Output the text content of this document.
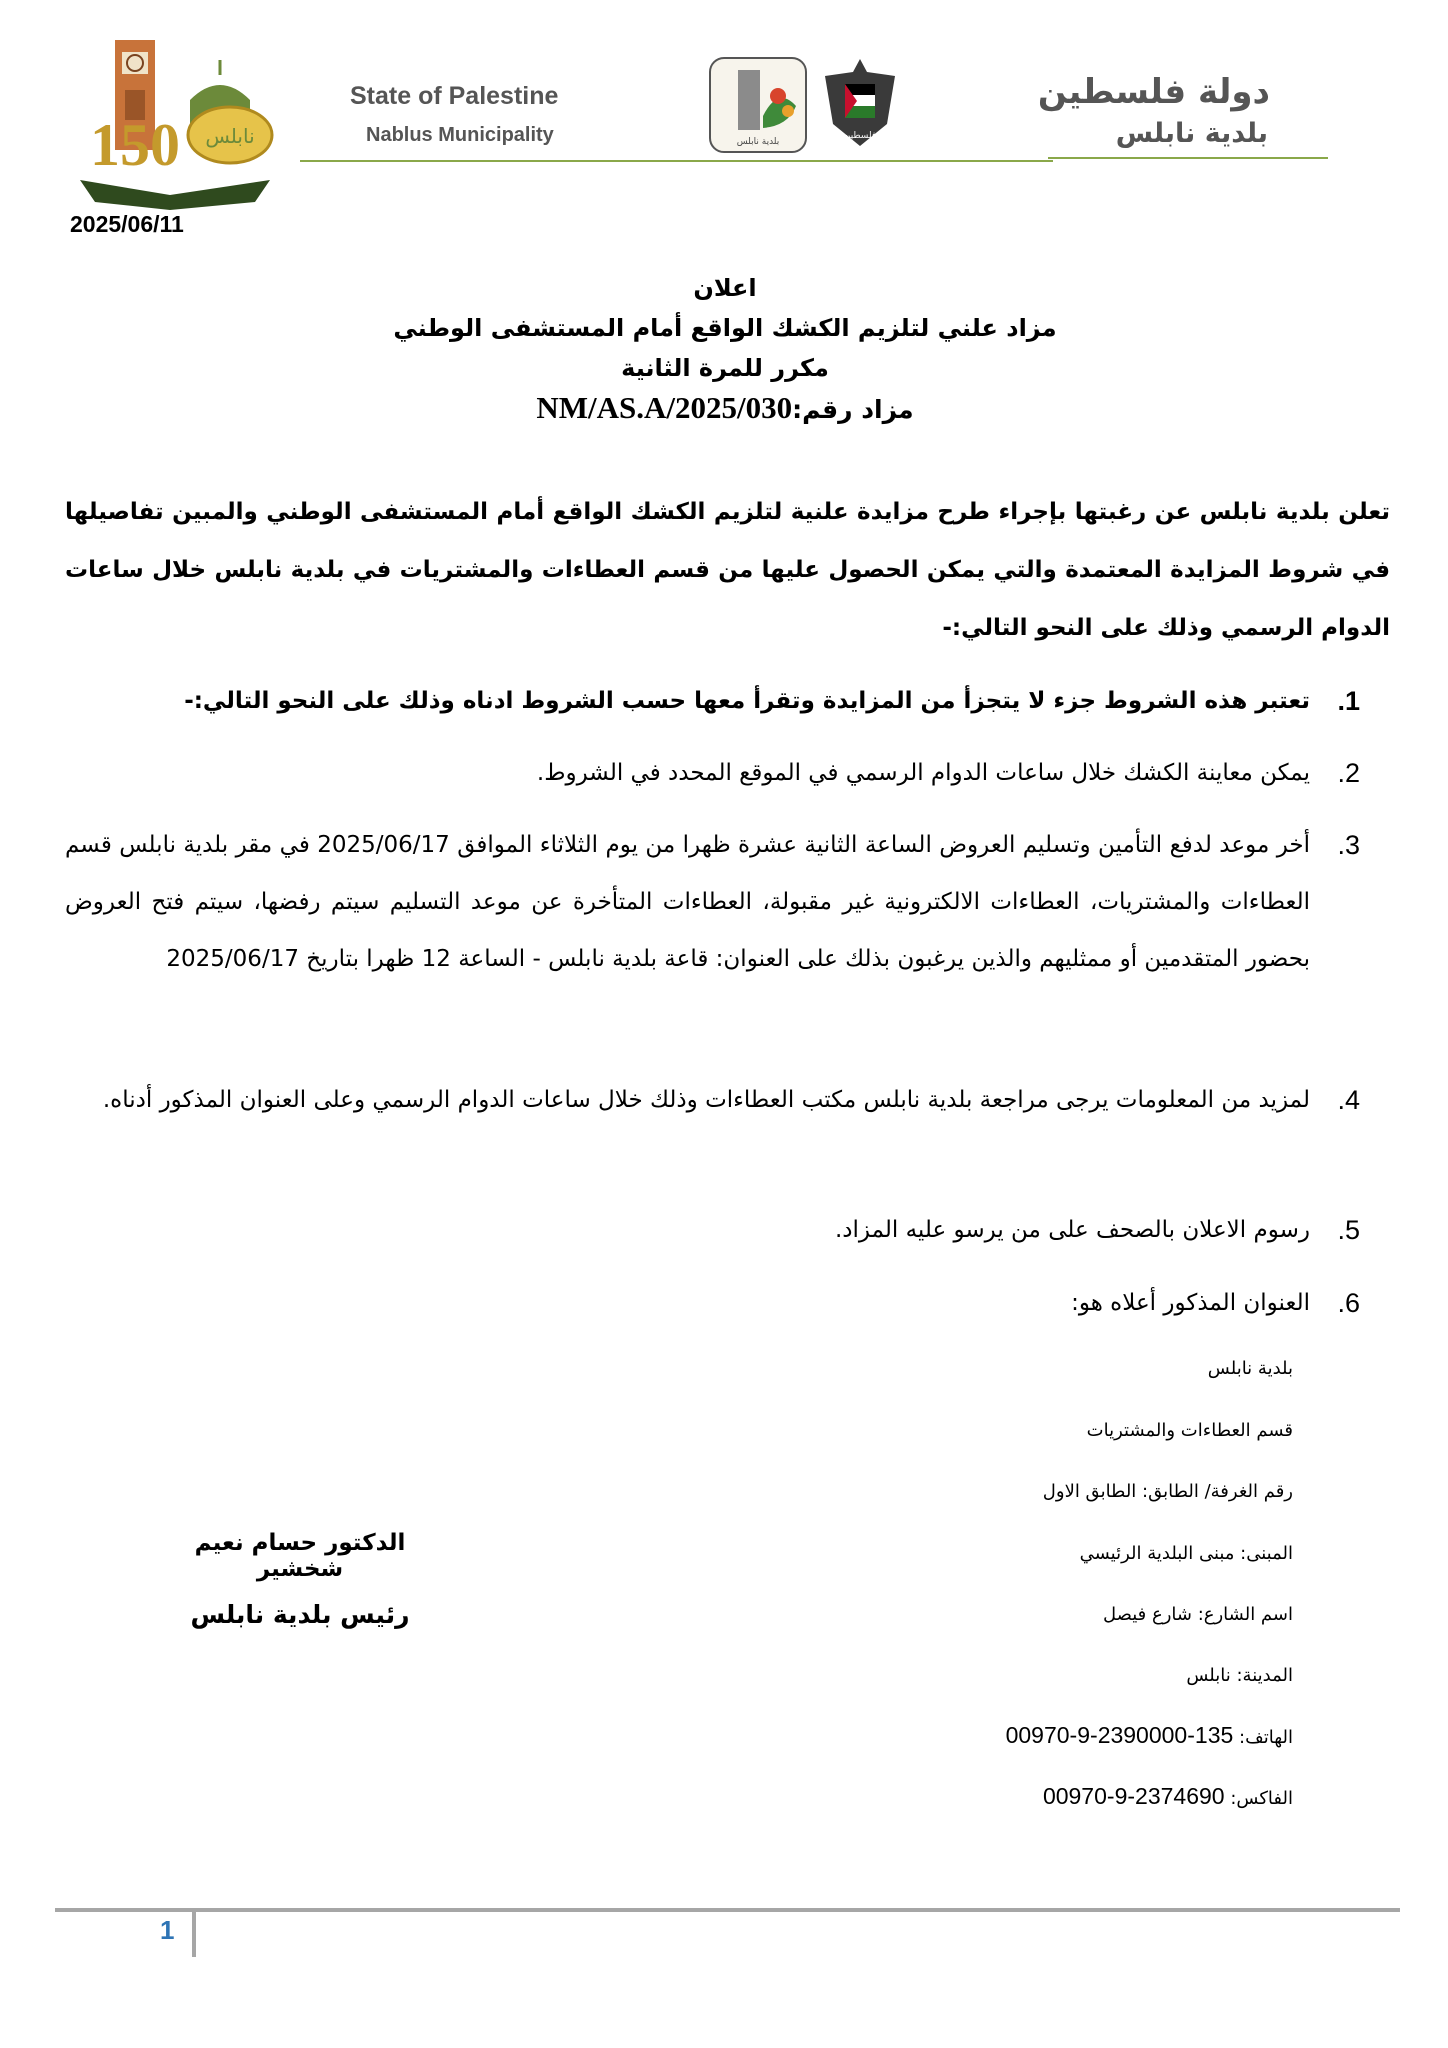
150 نابلس
State of Palestine
Nablus Municipality	بلدية نابلس
فلسطين
دولة فلسطين
بلدية نابلس
2025/06/11
اعلان
مزاد علني لتلزيم الكشك الواقع أمام المستشفى الوطني
مكرر للمرة الثانية
مزاد رقم:NM/AS.A/2025/030
تعلن بلدية نابلس عن رغبتها بإجراء طرح مزايدة علنية لتلزيم الكشك الواقع أمام المستشفى الوطني والمبين تفاصيلها في شروط المزايدة المعتمدة والتي يمكن الحصول عليها من قسم العطاءات والمشتريات في بلدية نابلس خلال ساعات الدوام الرسمي وذلك على النحو التالي:-
1.
تعتبر هذه الشروط جزء لا يتجزأ من المزايدة وتقرأ معها حسب الشروط ادناه وذلك على النحو التالي:-
2.
يمكن معاينة الكشك خلال ساعات الدوام الرسمي في الموقع المحدد في الشروط.
3.
أخر موعد لدفع التأمين وتسليم العروض الساعة الثانية عشرة ظهرا من يوم الثلاثاء الموافق 2025/06/17 في مقر بلدية نابلس قسم العطاءات والمشتريات، العطاءات الالكترونية غير مقبولة، العطاءات المتأخرة عن موعد التسليم سيتم رفضها، سيتم فتح العروض بحضور المتقدمين أو ممثليهم والذين يرغبون بذلك على العنوان: قاعة بلدية نابلس - الساعة 12 ظهرا بتاريخ 2025/06/17
4.
لمزيد من المعلومات يرجى مراجعة بلدية نابلس مكتب العطاءات وذلك خلال ساعات الدوام الرسمي وعلى العنوان المذكور أدناه.
5.
رسوم الاعلان بالصحف على من يرسو عليه المزاد.
6.
العنوان المذكور أعلاه هو:
بلدية نابلس
قسم العطاءات والمشتريات
رقم الغرفة/ الطابق: الطابق الاول
المبنى: مبنى البلدية الرئيسي
اسم الشارع: شارع فيصل
المدينة: نابلس
الهاتف: 135-2390000-9-00970
الفاكس: 2374690-9-00970
الدكتور حسام نعيم شخشير
رئيس بلدية نابلس
1
